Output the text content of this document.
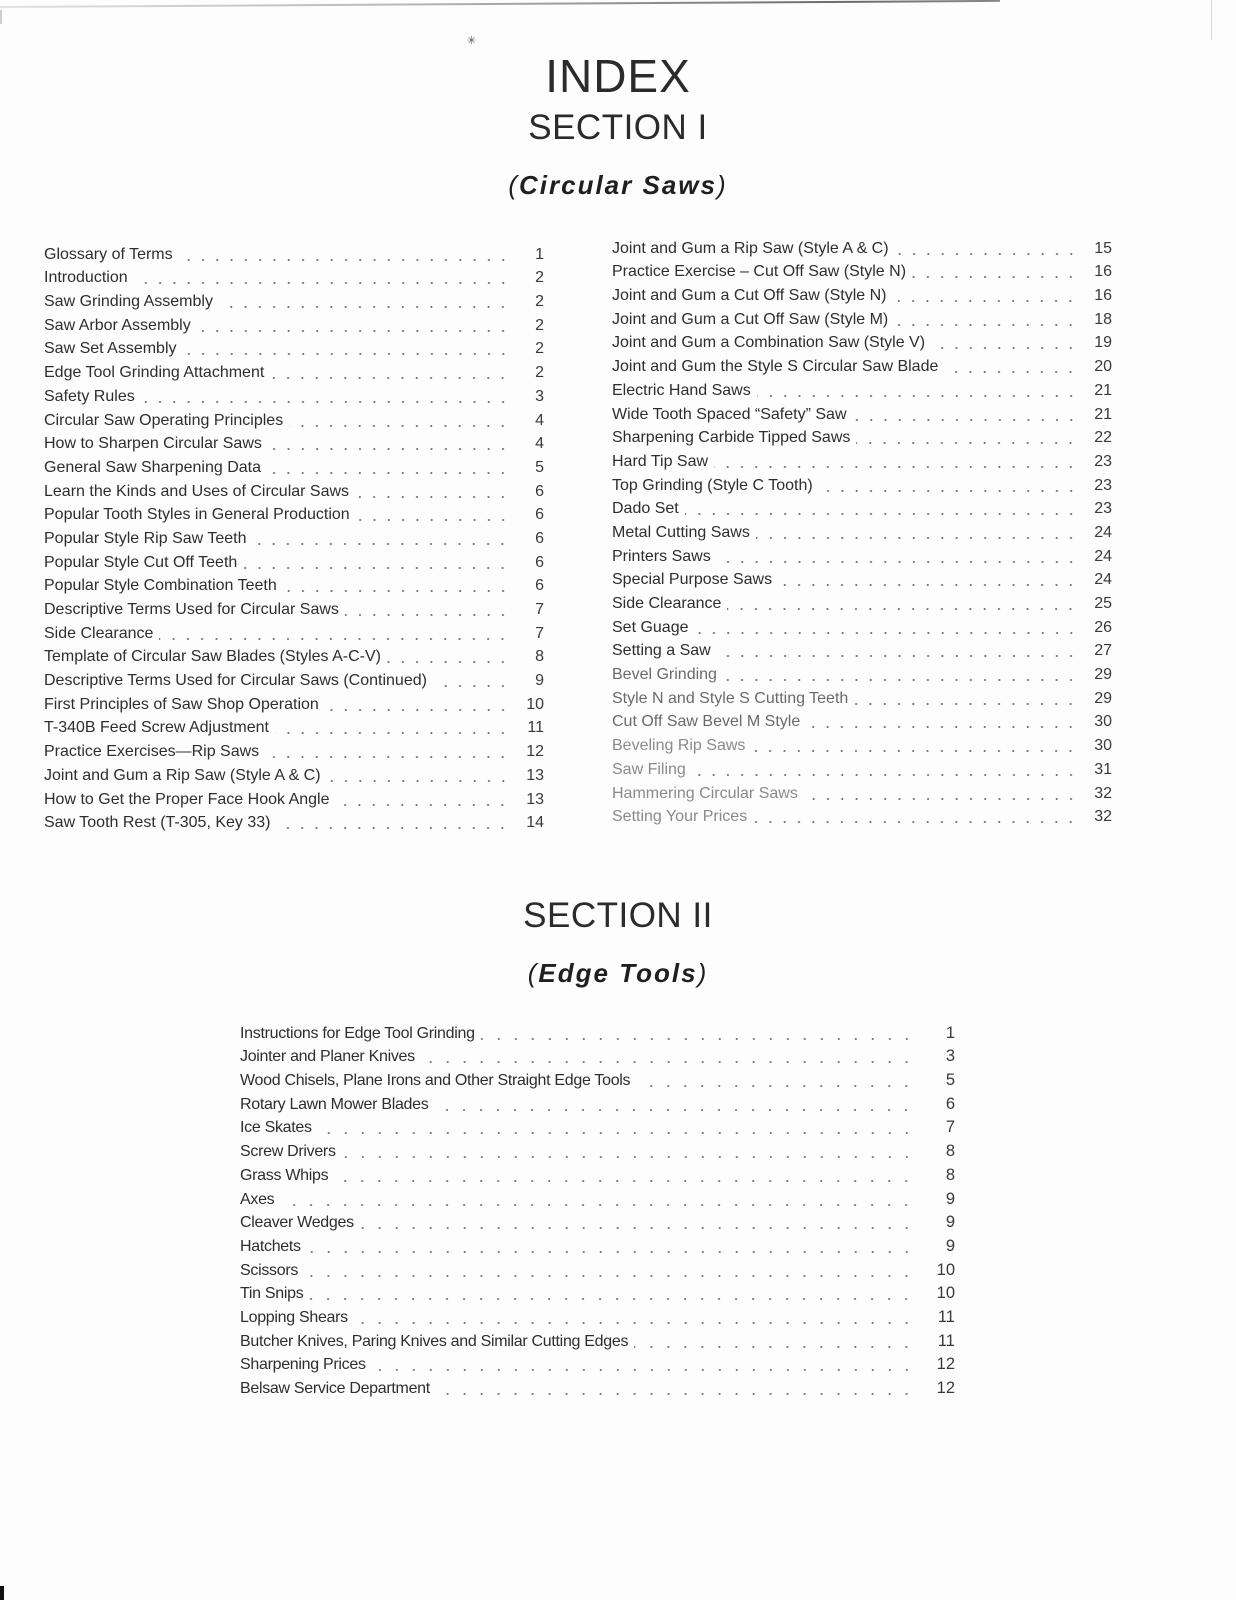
✳
INDEX
SECTION I
(Circular Saws)
Glossary of Terms	1
Introduction	2
Saw Grinding Assembly	2
Saw Arbor Assembly	2
Saw Set Assembly	2
Edge Tool Grinding Attachment	2
Safety Rules	3
Circular Saw Operating Principles	4
How to Sharpen Circular Saws	4
General Saw Sharpening Data	5
Learn the Kinds and Uses of Circular Saws	6
Popular Tooth Styles in General Production	6
Popular Style Rip Saw Teeth	6
Popular Style Cut Off Teeth	6
Popular Style Combination Teeth	6
Descriptive Terms Used for Circular Saws	7
Side Clearance	7
Template of Circular Saw Blades (Styles A-C-V)	8
Descriptive Terms Used for Circular Saws (Continued)	9
First Principles of Saw Shop Operation	10
T-340B Feed Screw Adjustment	11
Practice Exercises—Rip Saws	12
Joint and Gum a Rip Saw (Style A & C)	13
How to Get the Proper Face Hook Angle	13
Saw Tooth Rest (T-305, Key 33)	14
Joint and Gum a Rip Saw (Style A & C)	15
Practice Exercise – Cut Off Saw (Style N)	16
Joint and Gum a Cut Off Saw (Style N)	16
Joint and Gum a Cut Off Saw (Style M)	18
Joint and Gum a Combination Saw (Style V)	19
Joint and Gum the Style S Circular Saw Blade	20
Electric Hand Saws	21
Wide Tooth Spaced “Safety” Saw	21
Sharpening Carbide Tipped Saws	22
Hard Tip Saw	23
Top Grinding (Style C Tooth)	23
Dado Set	23
Metal Cutting Saws	24
Printers Saws	24
Special Purpose Saws	24
Side Clearance	25
Set Guage	26
Setting a Saw	27
Bevel Grinding	29
Style N and Style S Cutting Teeth	29
Cut Off Saw Bevel M Style	30
Beveling Rip Saws	30
Saw Filing	31
Hammering Circular Saws	32
Setting Your Prices	32
SECTION II
(Edge Tools)
Instructions for Edge Tool Grinding	1
Jointer and Planer Knives	3
Wood Chisels, Plane Irons and Other Straight Edge Tools	5
Rotary Lawn Mower Blades	6
Ice Skates	7
Screw Drivers	8
Grass Whips	8
Axes	9
Cleaver Wedges	9
Hatchets	9
Scissors	10
Tin Snips	10
Lopping Shears	11
Butcher Knives, Paring Knives and Similar Cutting Edges	11
Sharpening Prices	12
Belsaw Service Department	12
